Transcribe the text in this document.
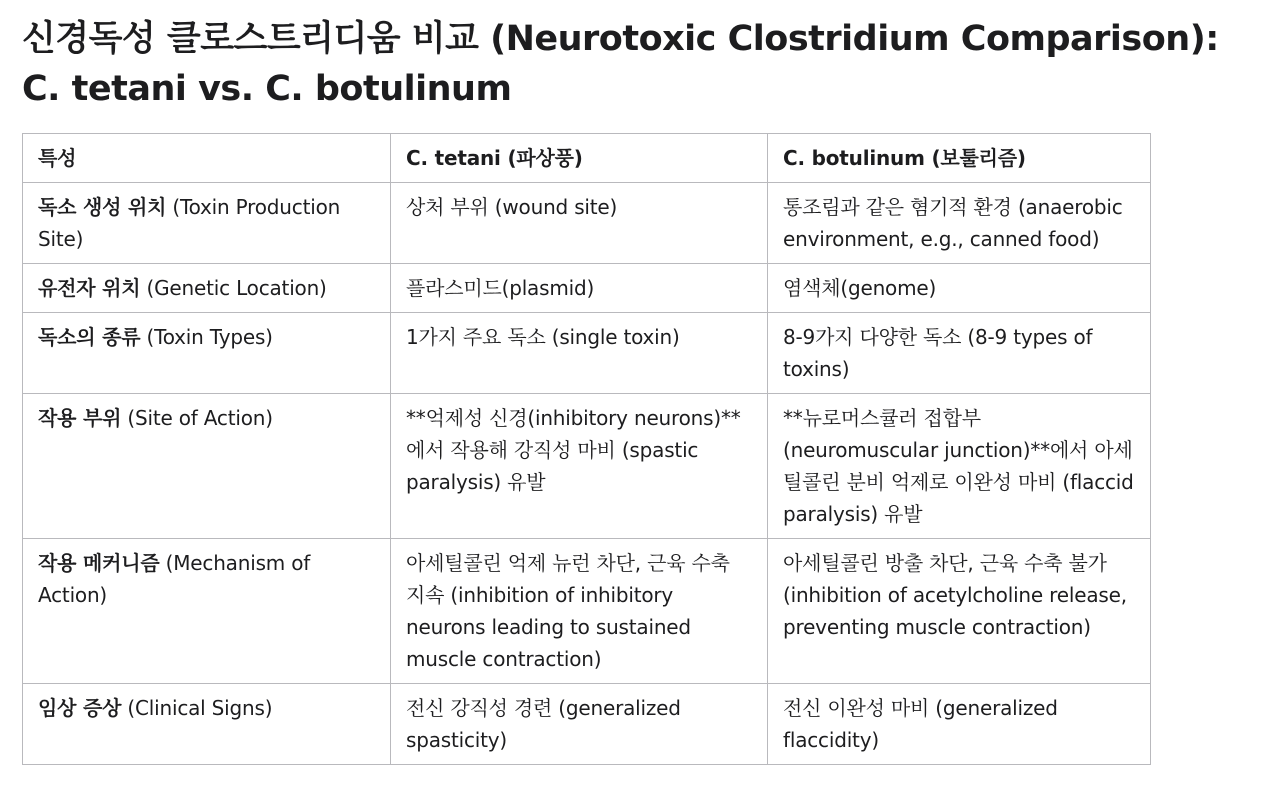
신경독성 클로스트리디움 비교 (Neurotoxic Clostridium Comparison): C. tetani vs. C. botulinum
특성	C. tetani (파상풍)	C. botulinum (보툴리즘)
독소 생성 위치 (Toxin Production Site)	상처 부위 (wound site)	통조림과 같은 혐기적 환경 (anaerobic environment, e.g., canned food)
유전자 위치 (Genetic Location)	플라스미드(plasmid)	염색체(genome)
독소의 종류 (Toxin Types)	1가지 주요 독소 (single toxin)	8-9가지 다양한 독소 (8-9 types of toxins)
작용 부위 (Site of Action)	**억제성 신경(inhibitory neurons)**에서 작용해 강직성 마비 (spastic paralysis) 유발	**뉴로머스큘러 접합부 (neuromuscular junction)**에서 아세틸콜린 분비 억제로 이완성 마비 (flaccid paralysis) 유발
작용 메커니즘 (Mechanism of Action)	아세틸콜린 억제 뉴런 차단, 근육 수축 지속 (inhibition of inhibitory neurons leading to sustained muscle contraction)	아세틸콜린 방출 차단, 근육 수축 불가 (inhibition of acetylcholine release, preventing muscle contraction)
임상 증상 (Clinical Signs)	전신 강직성 경련 (generalized spasticity)	전신 이완성 마비 (generalized flaccidity)
